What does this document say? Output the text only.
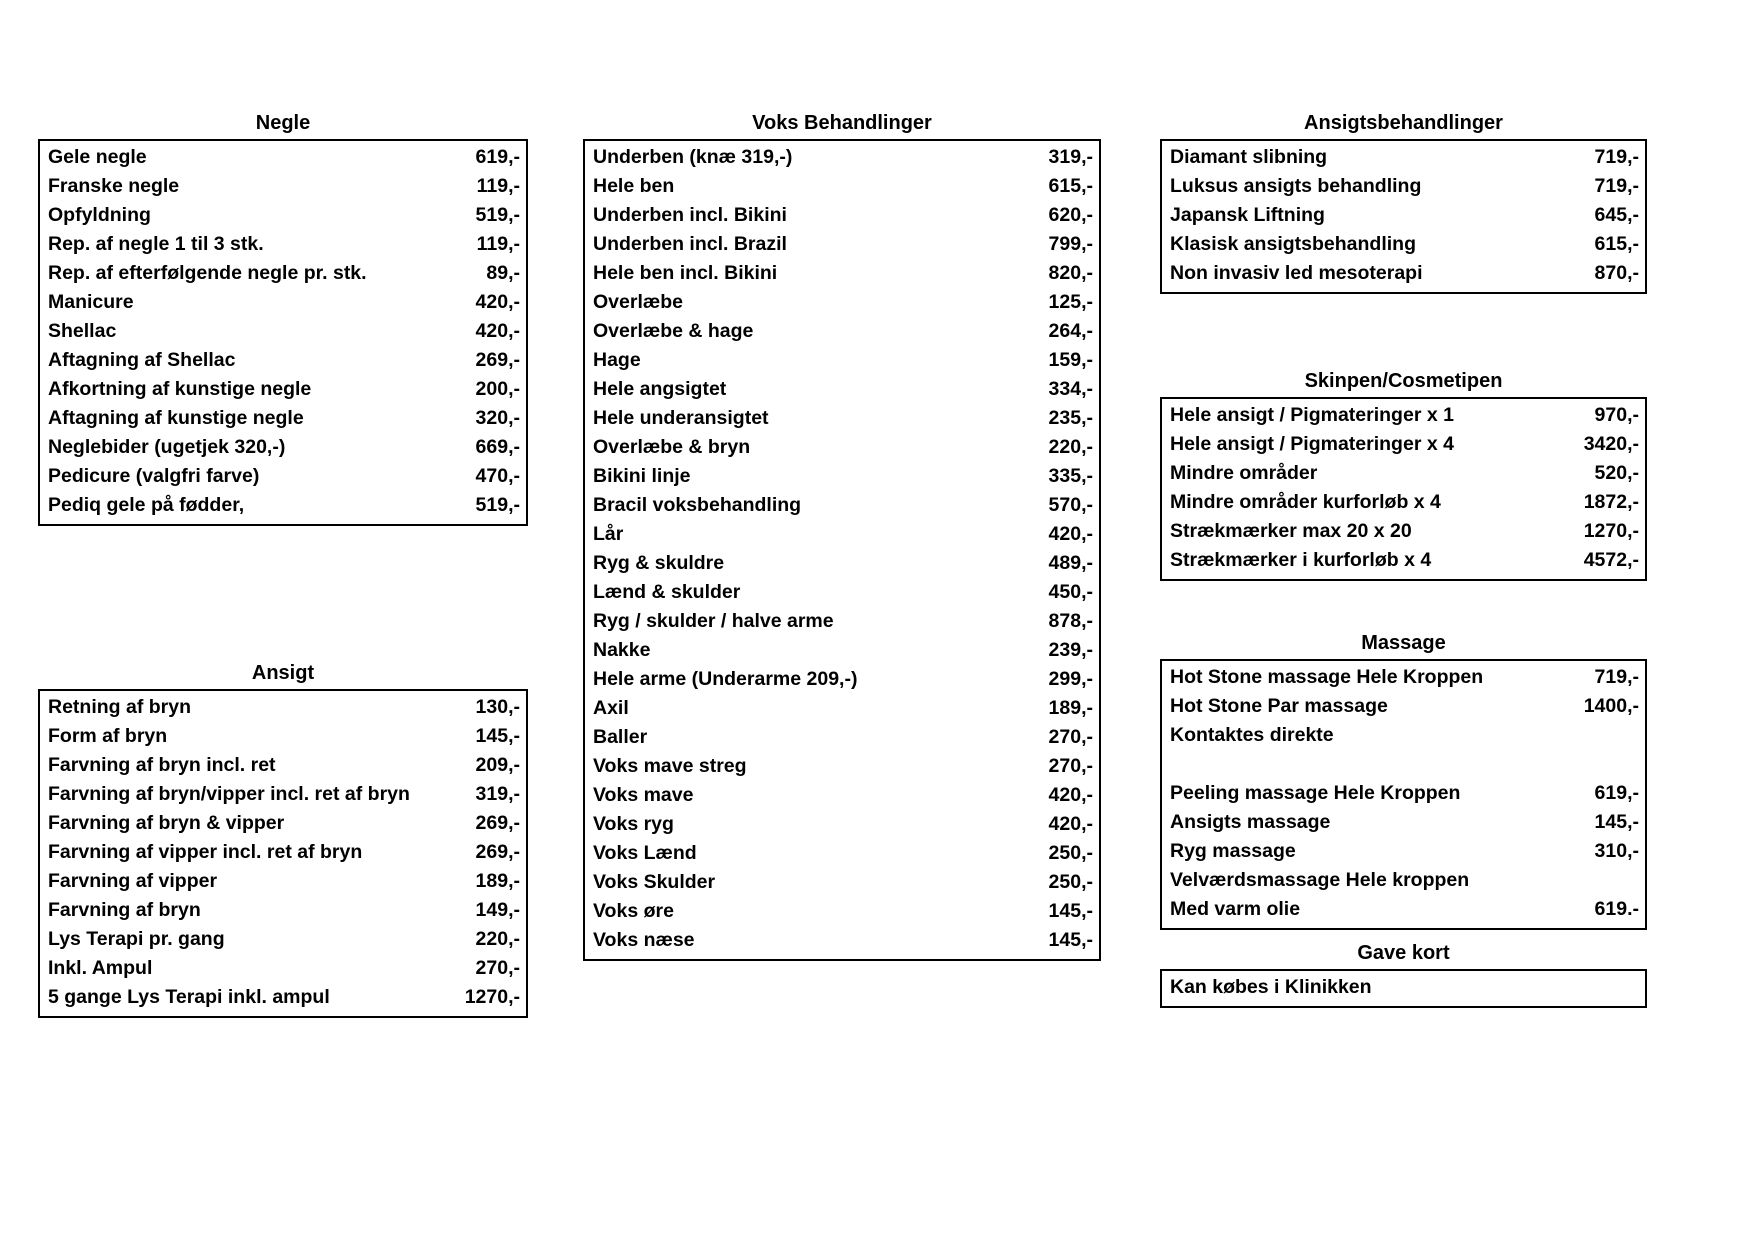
Negle
Gele negle	619,-
Franske negle	119,-
Opfyldning	519,-
Rep. af negle 1 til 3 stk.	119,-
Rep. af efterfølgende negle pr. stk.	89,-
Manicure	420,-
Shellac	420,-
Aftagning af Shellac	269,-
Afkortning af kunstige negle	200,-
Aftagning af kunstige negle	320,-
Neglebider (ugetjek 320,-)	669,-
Pedicure (valgfri farve)	470,-
Pediq gele på fødder,	519,-
Ansigt
Retning af bryn	130,-
Form af bryn	145,-
Farvning af bryn incl. ret	209,-
Farvning af bryn/vipper incl. ret af bryn	319,-
Farvning af bryn & vipper	269,-
Farvning af vipper incl. ret af bryn	269,-
Farvning af vipper	189,-
Farvning af bryn	149,-
Lys Terapi pr. gang	220,-
Inkl. Ampul	270,-
5 gange Lys Terapi inkl. ampul	1270,-
Voks Behandlinger
Underben (knæ 319,-)	319,-
Hele ben	615,-
Underben incl. Bikini	620,-
Underben incl. Brazil	799,-
Hele ben incl. Bikini	820,-
Overlæbe	125,-
Overlæbe & hage	264,-
Hage	159,-
Hele angsigtet	334,-
Hele underansigtet	235,-
Overlæbe & bryn	220,-
Bikini linje	335,-
Bracil voksbehandling	570,-
Lår	420,-
Ryg & skuldre	489,-
Lænd & skulder	450,-
Ryg / skulder / halve arme	878,-
Nakke	239,-
Hele arme (Underarme 209,-)	299,-
Axil	189,-
Baller	270,-
Voks mave streg	270,-
Voks mave	420,-
Voks ryg	420,-
Voks Lænd	250,-
Voks Skulder	250,-
Voks øre	145,-
Voks næse	145,-
Ansigtsbehandlinger
Diamant slibning	719,-
Luksus ansigts behandling	719,-
Japansk Liftning	645,-
Klasisk ansigtsbehandling	615,-
Non invasiv led mesoterapi	870,-
Skinpen/Cosmetipen
Hele ansigt / Pigmateringer x 1	970,-
Hele ansigt / Pigmateringer x 4	3420,-
Mindre områder	520,-
Mindre områder kurforløb x 4	1872,-
Strækmærker max 20 x 20	1270,-
Strækmærker i kurforløb x 4	4572,-
Massage
Hot Stone massage Hele Kroppen	719,-
Hot Stone Par massage	1400,-
Kontaktes direkte
Peeling massage Hele Kroppen	619,-
Ansigts massage	145,-
Ryg massage	310,-
Velværdsmassage Hele kroppen
Med varm olie	619.-
Gave kort
Kan købes i Klinikken
